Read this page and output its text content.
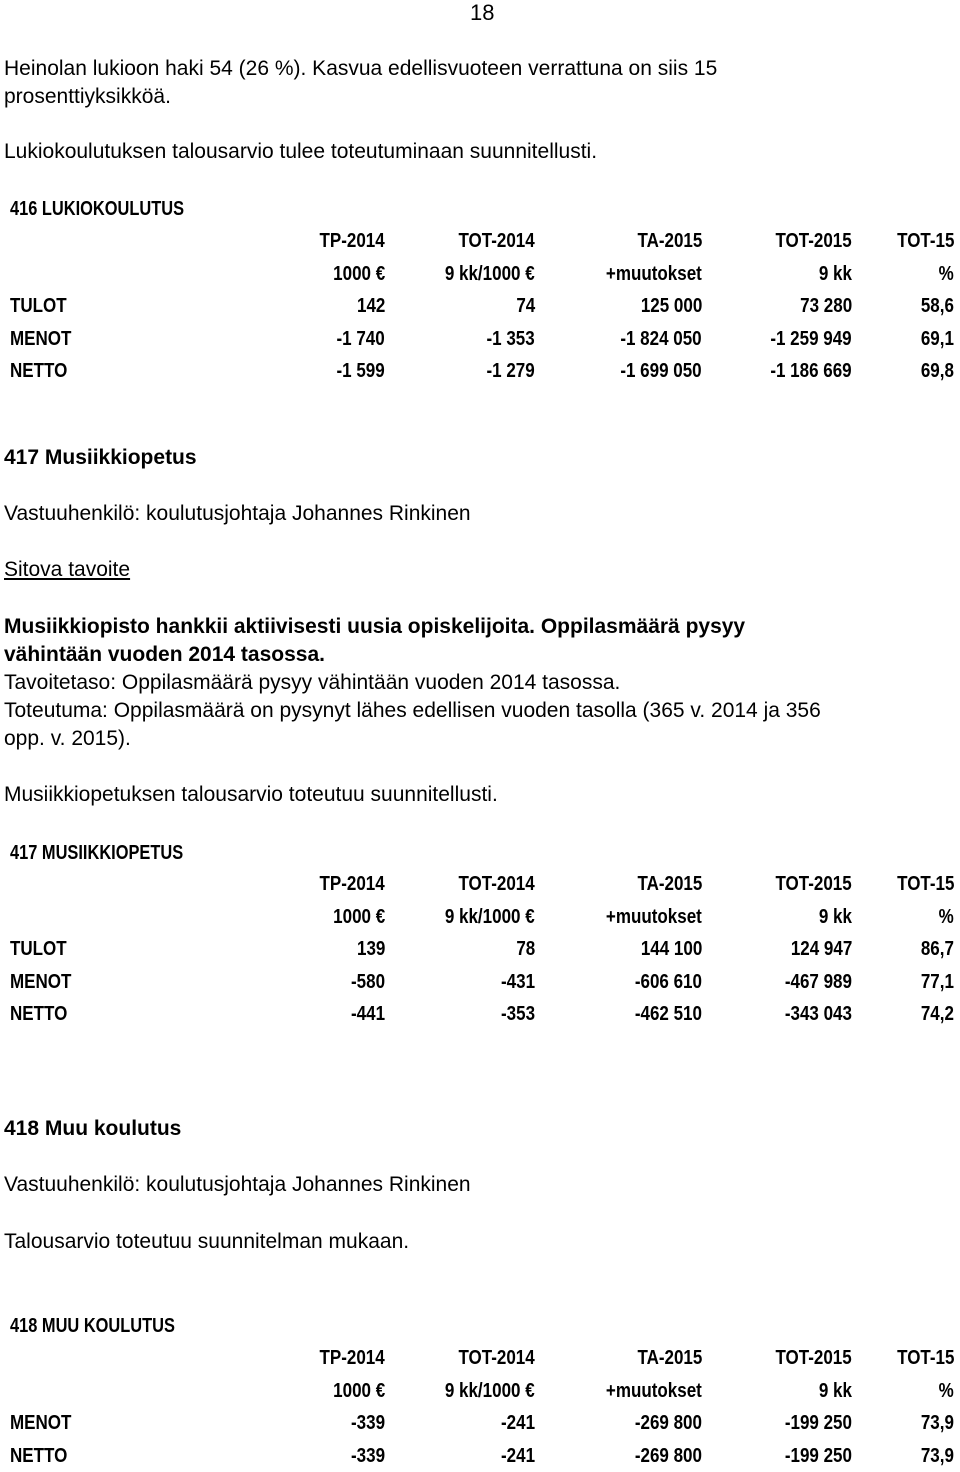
18
Heinolan lukioon haki 54 (26 %). Kasvua edellisvuoteen verrattuna on siis 15
prosenttiyksikköä.
Lukiokoulutuksen talousarvio tulee toteutuminaan suunnitellusti.
416 LUKIOKOULUTUS
TP-2014	TOT-2014	TA-2015	TOT-2015	TOT-15
1000 €	9 kk/1000 €	+muutokset	9 kk	%
TULOT	142	74	125 000	73 280	58,6
MENOT	-1 740	-1 353	-1 824 050	-1 259 949	69,1
NETTO	-1 599	-1 279	-1 699 050	-1 186 669	69,8
417 Musiikkiopetus
Vastuuhenkilö: koulutusjohtaja Johannes Rinkinen
Sitova tavoite
Musiikkiopisto hankkii aktiivisesti uusia opiskelijoita. Oppilasmäärä pysyy
vähintään vuoden 2014 tasossa.
Tavoitetaso: Oppilasmäärä pysyy vähintään vuoden 2014 tasossa.
Toteutuma: Oppilasmäärä on pysynyt lähes edellisen vuoden tasolla (365 v. 2014 ja 356
opp. v. 2015).
Musiikkiopetuksen talousarvio toteutuu suunnitellusti.
417 MUSIIKKIOPETUS
TP-2014	TOT-2014	TA-2015	TOT-2015	TOT-15
1000 €	9 kk/1000 €	+muutokset	9 kk	%
TULOT	139	78	144 100	124 947	86,7
MENOT	-580	-431	-606 610	-467 989	77,1
NETTO	-441	-353	-462 510	-343 043	74,2
418 Muu koulutus
Vastuuhenkilö: koulutusjohtaja Johannes Rinkinen
Talousarvio toteutuu suunnitelman mukaan.
418 MUU KOULUTUS
TP-2014	TOT-2014	TA-2015	TOT-2015	TOT-15
1000 €	9 kk/1000 €	+muutokset	9 kk	%
MENOT	-339	-241	-269 800	-199 250	73,9
NETTO	-339	-241	-269 800	-199 250	73,9
